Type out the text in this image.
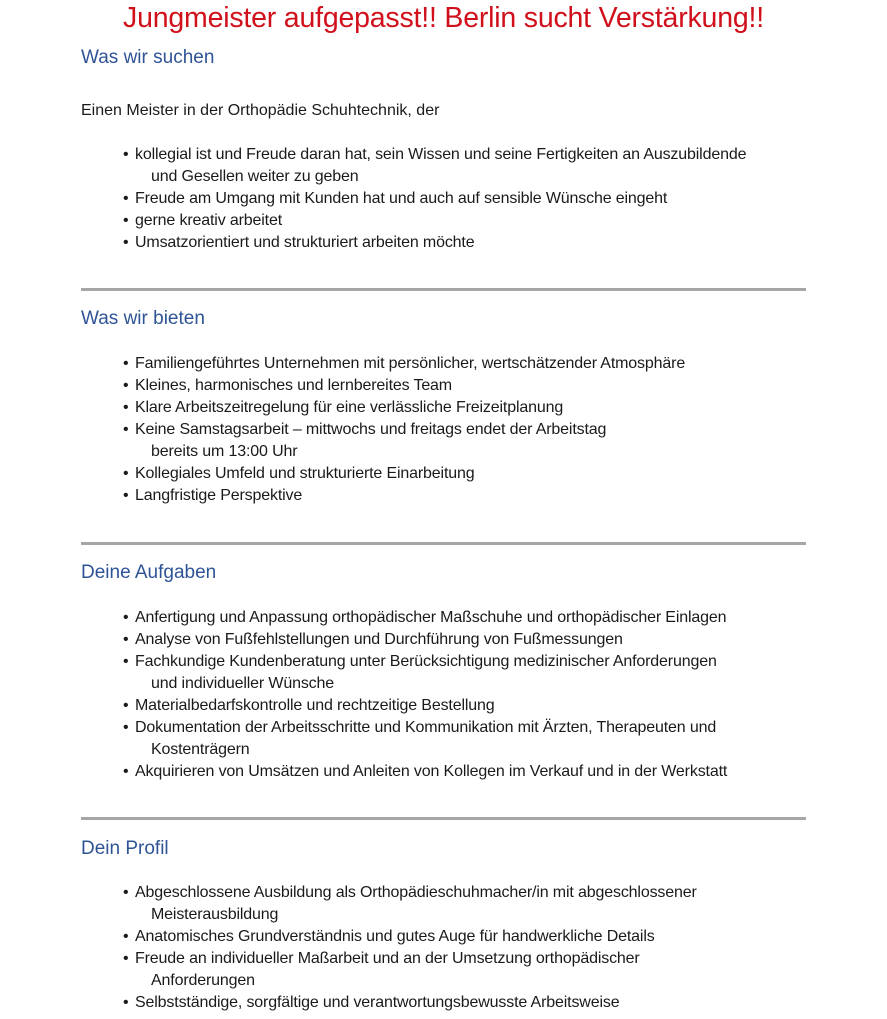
Jungmeister aufgepasst!! Berlin sucht Verstärkung!!
Was wir suchen
Einen Meister in der Orthopädie Schuhtechnik, der
• kollegial ist und Freude daran hat, sein Wissen und seine Fertigkeiten an Auszubildende
und Gesellen weiter zu geben
• Freude am Umgang mit Kunden hat und auch auf sensible Wünsche eingeht
• gerne kreativ arbeitet
• Umsatzorientiert und strukturiert arbeiten möchte
Was wir bieten
• Familiengeführtes Unternehmen mit persönlicher, wertschätzender Atmosphäre
• Kleines, harmonisches und lernbereites Team
• Klare Arbeitszeitregelung für eine verlässliche Freizeitplanung
• Keine Samstagsarbeit – mittwochs und freitags endet der Arbeitstag
bereits um 13:00 Uhr
• Kollegiales Umfeld und strukturierte Einarbeitung
• Langfristige Perspektive
Deine Aufgaben
• Anfertigung und Anpassung orthopädischer Maßschuhe und orthopädischer Einlagen
• Analyse von Fußfehlstellungen und Durchführung von Fußmessungen
• Fachkundige Kundenberatung unter Berücksichtigung medizinischer Anforderungen
und individueller Wünsche
• Materialbedarfskontrolle und rechtzeitige Bestellung
• Dokumentation der Arbeitsschritte und Kommunikation mit Ärzten, Therapeuten und
Kostenträgern
• Akquirieren von Umsätzen und Anleiten von Kollegen im Verkauf und in der Werkstatt
Dein Profil
• Abgeschlossene Ausbildung als Orthopädieschuhmacher/in mit abgeschlossener
Meisterausbildung
• Anatomisches Grundverständnis und gutes Auge für handwerkliche Details
• Freude an individueller Maßarbeit und an der Umsetzung orthopädischer
Anforderungen
• Selbstständige, sorgfältige und verantwortungsbewusste Arbeitsweise
